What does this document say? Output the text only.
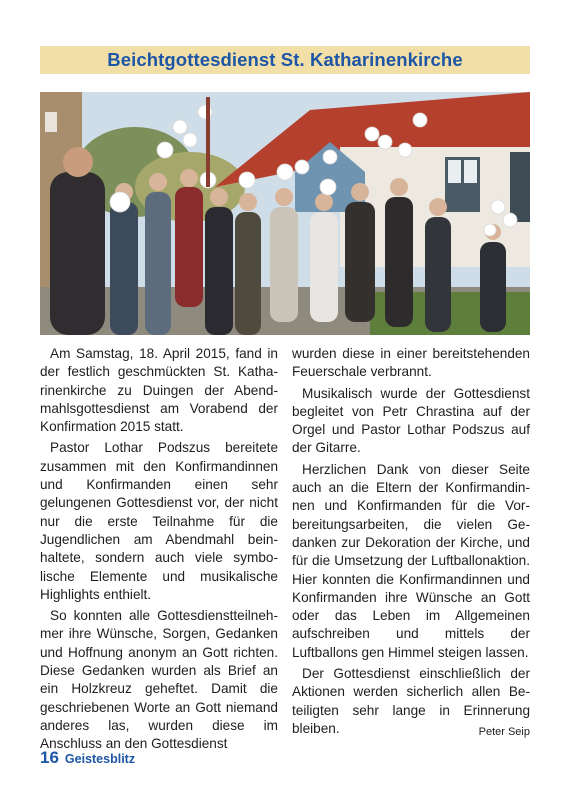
Beichtgottesdienst St. Katharinenkirche

Am Samstag, 18. April 2015, fand in der festlich geschmückten St. Katharinenkirche zu Duingen der Abendmahlsgottesdienst am Vorabend der Konfirmation 2015 statt.

Pastor Lothar Podszus bereitete zusammen mit den Konfirmandinnen und Konfirmanden einen sehr gelungenen Gottesdienst vor, der nicht nur die erste Teilnahme für die Jugendlichen am Abendmahl beinhaltete, sondern auch viele symbolische Elemente und musikalische Highlights enthielt.

So konnten alle Gottesdienstteilnehmer ihre Wünsche, Sorgen, Gedanken und Hoffnung anonym an Gott richten. Diese Gedanken wurden als Brief an ein Holzkreuz geheftet. Damit die geschriebenen Worte an Gott niemand anderes las, wurden diese im Anschluss an den Gottesdienst

wurden diese in einer bereitstehenden Feuerschale verbrannt.

Musikalisch wurde der Gottesdienst begleitet von Petr Chrastina auf der Orgel und Pastor Lothar Podszus auf der Gitarre.

Herzlichen Dank von dieser Seite auch an die Eltern der Konfirmandinnen und Konfirmanden für die Vorbereitungsarbeiten, die vielen Gedanken zur Dekoration der Kirche, und für die Umsetzung der Luftballonaktion. Hier konnten die Konfirmandinnen und Konfirmanden ihre Wünsche an Gott oder das Leben im Allgemeinen aufschreiben und mittels der Luftballons gen Himmel steigen lassen.

Der Gottesdienst einschließlich der Aktionen werden sicherlich allen Beteiligten sehr lange in Erinnerung bleiben.	Peter Seip
16 Geistesblitz
